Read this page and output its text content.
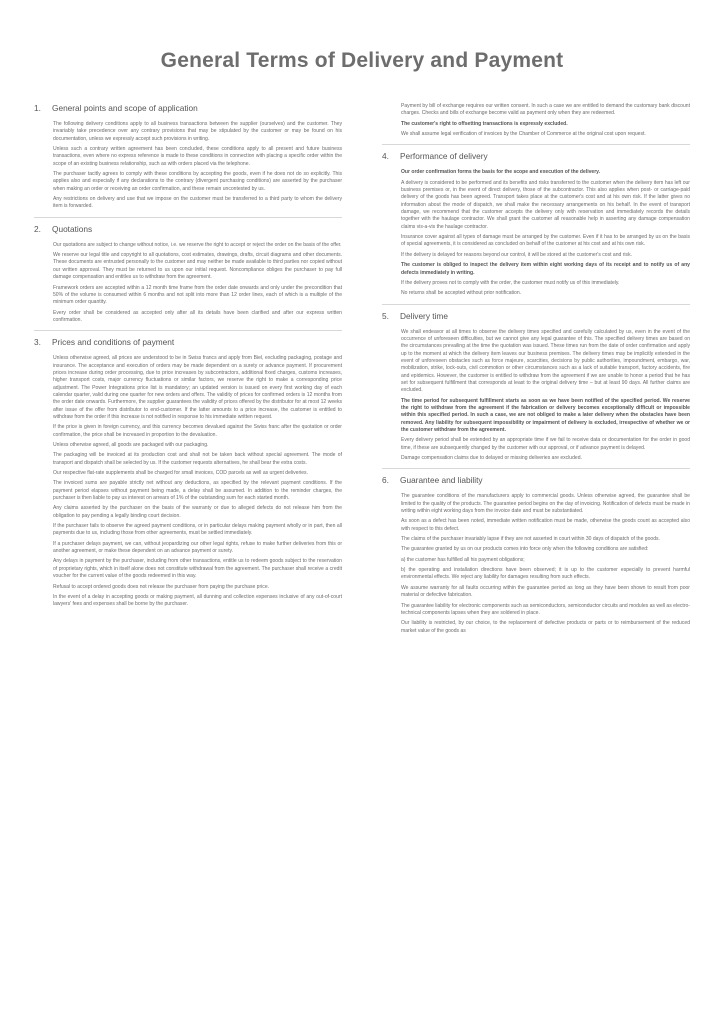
General Terms of Delivery and Payment
1. General points and scope of application

The following delivery conditions apply to all business transactions between the supplier (ourselves) and the customer. They invariably take precedence over any contrary provisions that may be stipulated by the customer or may be found on his documentation, unless we expressly accept such provisions in writing.

Unless such a contrary written agreement has been concluded, these conditions apply to all present and future business transactions, even where no express reference is made to these conditions in connection with placing a specific order within the scope of an existing business relationship, such as with orders placed via the telephone.

The purchaser tacitly agrees to comply with these conditions by accepting the goods, even if he does not do so explicitly. This applies also and especially if any declarations to the contrary (divergent purchasing conditions) are asserted by the purchaser when making an order or receiving an order confirmation, and these remain uncontested by us.

Any restrictions on delivery and use that we impose on the customer must be transferred to a third party to whom the delivery item is forwarded.

2. Quotations

Our quotations are subject to change without notice, i.e. we reserve the right to accept or reject the order on the basis of the offer.

We reserve our legal title and copyright to all quotations, cost estimates, drawings, drafts, circuit diagrams and other documents. These documents are entrusted personally to the customer and may neither be made available to third parties nor copied without our written approval. They must be returned to us upon our initial request. Noncompliance obliges the purchaser to pay full damage compensation and entitles us to withdraw from the agreement.

Framework orders are accepted within a 12 month time frame from the order date onwards and only under the precondition that 50% of the volume is consumed within 6 months and not split into more than 12 order lines, each of which is a multiple of the minimum order quantity.

Every order shall be considered as accepted only after all its details have been clarified and after our express written confirmation.

3. Prices and conditions of payment

Unless otherwise agreed, all prices are understood to be in Swiss francs and apply from Biel, excluding packaging, postage and insurance. The acceptance and execution of orders may be made dependent on a surety or advance payment. If procurement prices increase during order processing, due to price increases by subcontractors, additional fixed charges, customs increases, higher transport costs, major currency fluctuations or similar factors, we reserve the right to make a corresponding price adjustment. The Power Integrations price list is mandatory; an updated version is issued on every first working day of each calendar quarter, valid during one quarter for new orders and offers. The validity of prices for confirmed orders is 12 months from the order date onwards. Furthermore, the supplier guarantees the validity of prices offered by the distributor for at most 12 weeks after issue of the offer from distributor to end-customer. If the latter amounts to a price increase, the customer is entitled to withdraw from the order if this increase is not notified in response to his immediate written request.

If the price is given in foreign currency, and this currency becomes devalued against the Swiss franc after the quotation or order confirmation, the price shall be increased in proportion to the devaluation.

Unless otherwise agreed, all goods are packaged with our packaging.

The packaging will be invoiced at its production cost and shall not be taken back without special agreement. The mode of transport and dispatch shall be selected by us. If the customer requests alternatives, he shall bear the extra costs.

Our respective flat-rate supplements shall be charged for small invoices, COD parcels as well as urgent deliveries.

The invoiced sums are payable strictly net without any deductions, as specified by the relevant payment conditions. If the payment period elapses without payment being made, a delay shall be assumed. In addition to the reminder charges, the purchaser is then liable to pay us interest on arrears of 1% of the outstanding sum for each started month.

Any claims asserted by the purchaser on the basis of the warranty or due to alleged defects do not release him from the obligation to pay pending a legally binding court decision.

If the purchaser fails to observe the agreed payment conditions, or in particular delays making payment wholly or in part, then all payments due to us, including those from other agreements, must be settled immediately.

If a purchaser delays payment, we can, without jeopardizing our other legal rights, refuse to make further deliveries from this or another agreement, or make these dependent on an advance payment or surety.

Any delays in payment by the purchaser, including from other transactions, entitle us to redeem goods subject to the reservation of proprietary rights, which in itself alone does not constitute withdrawal from the agreement. The purchaser shall receive a credit voucher for the current value of the goods redeemed in this way.

Refusal to accept ordered goods does not release the purchaser from paying the purchase price.

In the event of a delay in accepting goods or making payment, all dunning and collection expenses inclusive of any out-of-court lawyers' fees and expenses shall be borne by the purchaser.

Payment by bill of exchange requires our written consent. In such a case we are entitled to demand the customary bank discount charges. Checks and bills of exchange become valid as payment only when they are redeemed.

The customer's right to offsetting transactions is expressly excluded.

We shall assume legal verification of invoices by the Chamber of Commerce at the original cost upon request.

4. Performance of delivery

Our order confirmation forms the basis for the scope and execution of the delivery.

A delivery is considered to be performed and its benefits and risks transferred to the customer when the delivery item has left our business premises or, in the event of direct delivery, those of the subcontractor. This also applies when post- or carriage-paid delivery of the goods has been agreed. Transport takes place at the customer's cost and at his own risk. If the latter gives no information about the mode of dispatch, we shall make the necessary arrangements on his behalf. In the event of transport damage, we recommend that the customer accepts the delivery only with reservation and immediately records the details together with the haulage contractor. We shall grant the customer all reasonable help in asserting any damage compensation claims vis-a-vis the haulage contractor.

Insurance cover against all types of damage must be arranged by the customer. Even if it has to be arranged by us on the basis of special agreements, it is considered as concluded on behalf of the customer at his cost and at his own risk.

If the delivery is delayed for reasons beyond our control, it will be stored at the customer's cost and risk.

The customer is obliged to inspect the delivery item within eight working days of its receipt and to notify us of any defects immediately in writing.

If the delivery proves not to comply with the order, the customer must notify us of this immediately.

No returns shall be accepted without prior notification.

5. Delivery time

We shall endeavor at all times to observe the delivery times specified and carefully calculated by us, even in the event of the occurrence of unforeseen difficulties, but we cannot give any legal guarantee of this. The specified delivery times are based on the circumstances prevailing at the time the quotation was issued. These times run from the date of order confirmation and apply up to the moment at which the delivery item leaves our business premises. The delivery times may be implicitly extended in the event of unforeseen obstacles such as force majeure, scarcities, decisions by public authorities, impoundment, embargo, war, mobilization, strike, lock-outs, civil commotion or other circumstances such as a lack of suitable transport, factory accidents, fire and epidemics. However, the customer is entitled to withdraw from the agreement if we are unable to honor a period that he has set for subsequent fulfillment that corresponds at least to the original delivery time – but at least 90 days. All further claims are excluded.

The time period for subsequent fulfillment starts as soon as we have been notified of the specified period. We reserve the right to withdraw from the agreement if the fabrication or delivery becomes exceptionally difficult or impossible within this specified period. In such a case, we are not obliged to make a later delivery when the obstacles have been removed. Any liability for subsequent impossibility or impairment of delivery is excluded, irrespective of whether we or the customer withdraw from the agreement.

Every delivery period shall be extended by an appropriate time if we fail to receive data or documentation for the order in good time, if these are subsequently changed by the customer with our approval, or if advance payment is delayed.

Damage compensation claims due to delayed or missing deliveries are excluded.

6. Guarantee and liability

The guarantee conditions of the manufacturers apply to commercial goods. Unless otherwise agreed, the guarantee shall be limited to the quality of the products. The guarantee period begins on the day of invoicing. Notification of defects must be made in writing within eight working days from the invoice date and must be substantiated.

As soon as a defect has been noted, immediate written notification must be made, otherwise the goods count as accepted also with respect to this defect.

The claims of the purchaser invariably lapse if they are not asserted in court within 30 days of dispatch of the goods.

The guarantee granted by us on our products comes into force only when the following conditions are satisfied:

a) the customer has fulfilled all his payment obligations;

b) the operating and installation directions have been observed; it is up to the customer especially to prevent harmful environmental effects. We reject any liability for damages resulting from such effects.

We assume warranty for all faults occurring within the guarantee period as long as they have been shown to result from poor material or defective fabrication.

The guarantee liability for electronic components such as semiconductors, semiconductor circuits and modules as well as electro-technical components lapses when they are soldered in place.

Our liability is restricted, by our choice, to the replacement of defective products or parts or to reimbursement of the reduced market value of the goods as
